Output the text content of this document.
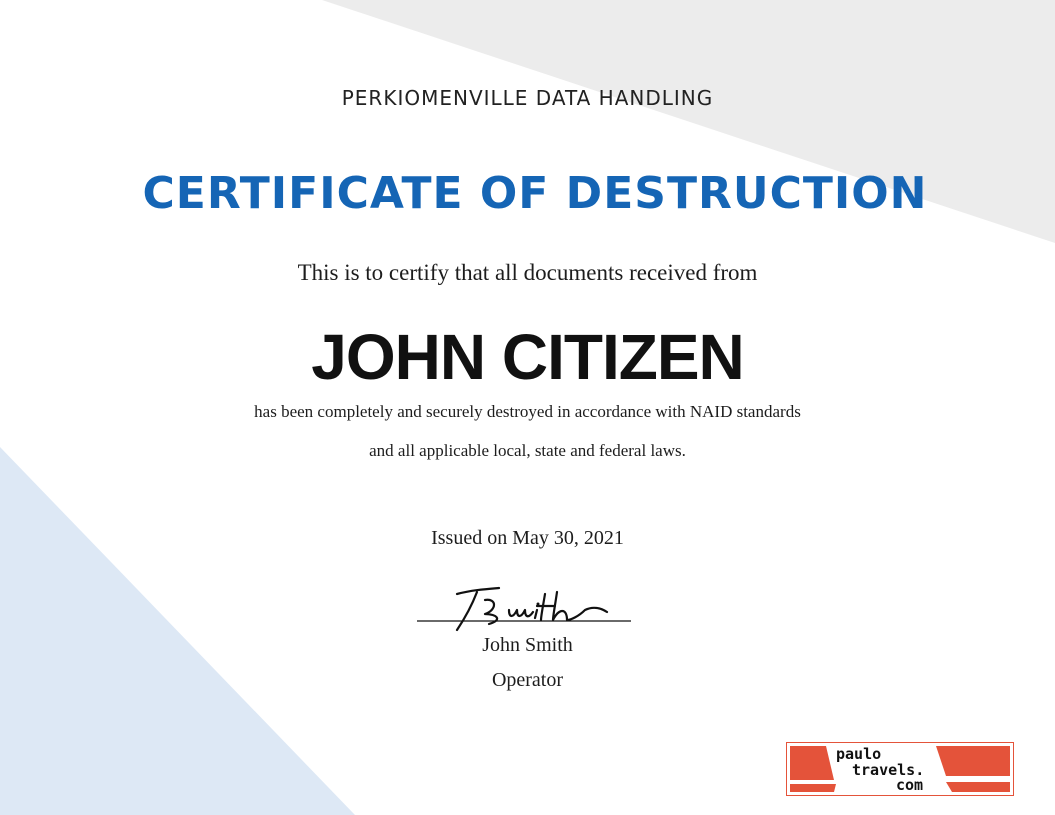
PERKIOMENVILLE DATA HANDLING
CERTIFICATE OF DESTRUCTION
This is to certify that all documents received from
JOHN CITIZEN
has been completely and securely destroyed in accordance with NAID standards
and all applicable local, state and federal laws.
Issued on May 30, 2021
John Smith
Operator
paulo
travels.
com
